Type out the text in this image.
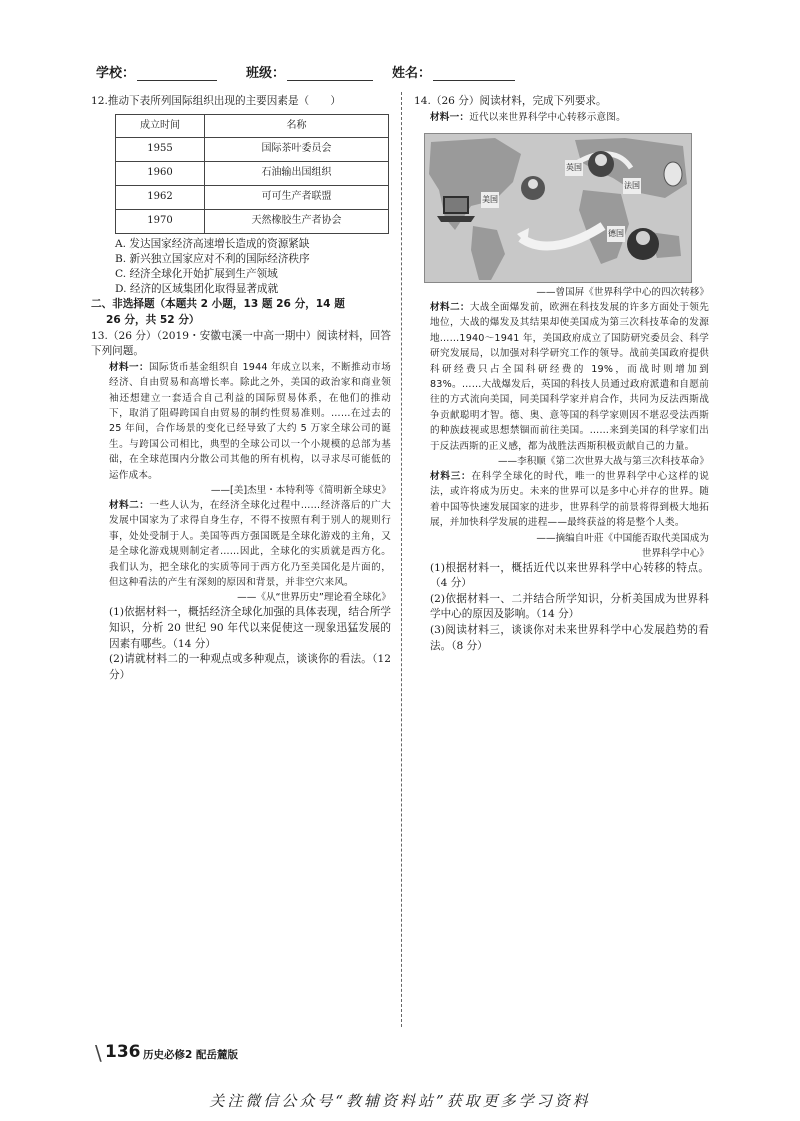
学校：	班级：	姓名：

12.推动下表所列国际组织出现的主要因素是（　　）

成立时间	名称
1955	国际茶叶委员会
1960	石油输出国组织
1962	可可生产者联盟
1970	天然橡胶生产者协会

A. 发达国家经济高速增长造成的资源紧缺

B. 新兴独立国家应对不利的国际经济秩序

C. 经济全球化开始扩展到生产领域

D. 经济的区域集团化取得显著成就

二、非选择题（本题共 2 小题，13 题 26 分，14 题

26 分，共 52 分）

13.（26 分）（2019・安徽屯溪一中高一期中）阅读材料，回答下列问题。

材料一：国际货币基金组织自 1944 年成立以来，不断推动市场经济、自由贸易和高增长率。除此之外，美国的政治家和商业领袖还想建立一套适合自己利益的国际贸易体系，在他们的推动下，取消了阻碍跨国自由贸易的制约性贸易准则。……在过去的 25 年间，合作场景的变化已经导致了大约 5 万家全球公司的诞生。与跨国公司相比，典型的全球公司以一个小规模的总部为基础，在全球范围内分散公司其他的所有机构，以寻求尽可能低的运作成本。

——[美]杰里・本特利等《简明新全球史》

材料二：一些人认为，在经济全球化过程中……经济落后的广大发展中国家为了求得自身生存，不得不按照有利于别人的规则行事，处处受制于人。美国等西方强国既是全球化游戏的主角，又是全球化游戏规则制定者……因此，全球化的实质就是西方化。我们认为，把全球化的实质等同于西方化乃至美国化是片面的，但这种看法的产生有深刻的原因和背景，并非空穴来风。

——《从“世界历史”理论看全球化》

(1)依据材料一，概括经济全球化加强的具体表现，结合所学知识，分析 20 世纪 90 年代以来促使这一现象迅猛发展的因素有哪些。（14 分）

(2)请就材料二的一种观点或多种观点，谈谈你的看法。（12 分）

14.（26 分）阅读材料，完成下列要求。

材料一：近代以来世界科学中心转移示意图。

英国
法国
德国
美国

——曾国屏《世界科学中心的四次转移》

材料二：大战全面爆发前，欧洲在科技发展的许多方面处于领先地位，大战的爆发及其结果却使美国成为第三次科技革命的发源地……1940～1941 年，美国政府成立了国防研究委员会、科学研究发展局，以加强对科学研究工作的领导。战前美国政府提供科研经费只占全国科研经费的 19%，而战时则增加到 83%。……大战爆发后，英国的科技人员通过政府派遣和自愿前往的方式流向美国，同美国科学家并肩合作，共同为反法西斯战争贡献聪明才智。德、奥、意等国的科学家则因不堪忍受法西斯的种族歧视或思想禁锢而前往美国。……来到美国的科学家们出于反法西斯的正义感，都为战胜法西斯积极贡献自己的力量。

——李积顺《第二次世界大战与第三次科技革命》

材料三：在科学全球化的时代，唯一的世界科学中心这样的说法，或许将成为历史。未来的世界可以是多中心并存的世界。随着中国等快速发展国家的进步，世界科学的前景将得到极大地拓展，并加快科学发展的进程——最终获益的将是整个人类。

——摘编自叶莊《中国能否取代美国成为

世界科学中心》

(1)根据材料一，概括近代以来世界科学中心转移的特点。（4 分）

(2)依据材料一、二并结合所学知识，分析美国成为世界科学中心的原因及影响。（14 分）

(3)阅读材料三，谈谈你对未来世界科学中心发展趋势的看法。（8 分）

\ 136 历史必修2 配岳麓版
关注微信公众号“教辅资料站”获取更多学习资料
